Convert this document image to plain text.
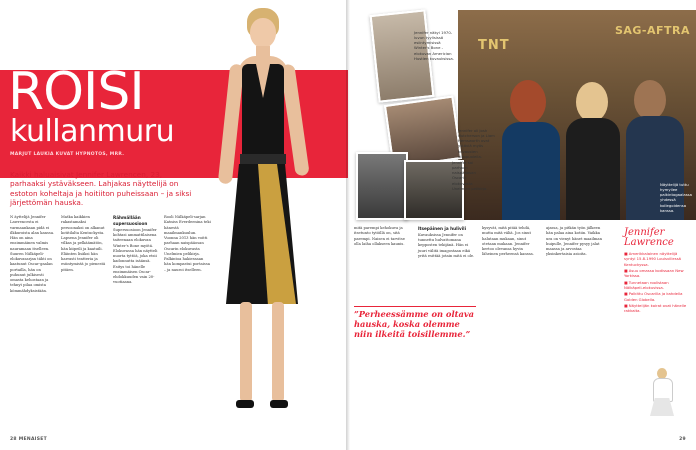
ROISI
kullanmuru
MARJUT LAUKIA KUVAT HYPNOTOS, MRR.
Kaikki haluaisivat Jennifer Lawrencen, 23, parhaaksi ystäväkseen. Lahjakas näyttelijä on estoton koheltaja ja hoitiiton puheissaan – ja siksi järjettömän hauska.
N äyttelijä Jennifer Lawrencesta ei varmaankaan pidä ei ilkkuroista alan kanssa. Hän on aina ensimmäinen valmis nauramaan itselleen. Suuren Nälkäpeli-elokuvasarjan tähti on kaatunut Oscar-gaalan portailla, hän on puhunut julkisesti omasta kehostaan ja tehnyt pilaa omista kömmähdyksistään.
Matka kaikkien rakastamaksi persoonaksi on alkanut kotitilalta Kentuckysta. Lapsena Jennifer oli vilkas ja pelkäämätön, hän kiipeili ja kaatuili. Eläinten lisäksi hän harrasti teatteria ja esiintymistä jo pienestä pitäen.
Rähmällään supersuosioon
Supersuosioon Jennifer kohtasi ammattilaisena taiteenaan elokuvan Winter's Bone myötä. Elokuvassa hän näytteli nuorta tyttöä, joka etsii kadonnutta isäänsä. Esitys toi hänelle ensimmäisen Oscar-ehdokkuuden vain 20-vuotiaana.
Rooli Nälkäpeli-sarjan Katniss Everdeenina teki hänestä maailmankuulun. Vuonna 2013 hän voitti parhaan naispääosan Oscarin elokuvasta Unelmien pelikirja. Palkintoa hakiessaan hän kompastui portaissa – ja nauroi itselleen.
28 MENAISET
TNT
SAG-AFTRA
Jennifer näkyi 1970-luvun tyylisissä esiintymisissä Winter's Bone -elokuvan Americian Hustlen kuvauksissa.
Jennifer oli Josh Hutcherson ja Liam Hemsworth ovat ystäviä myös kuvausten ulkopuolella.
Jennifer sai parhaan naispääosan Oscarin elokuvasta Unelmien pelikirja.
Näyttelijä tuttu hymyilee palkintogaalassa yhdessä kollegoidensa kanssa.
mitä parempi kehokuva ja itsetunto tytöillä on, sitä parempi. Naisen ei tarvitse olla laiha ollakseen kaunis.
”Perheessämme on oltava hauska, koska olemme niin ilkeitä toisillemme.”
Itsepäinen ja hulivili
Kuvauksissa Jennifer on tunnettu hulvattomana kepposten tekijänä. Hän ei juuri välitä imagostaan eikä yritä esittää jotain mitä ei ole.
kysyvät, mitä pitää tehdä, mutta mitä väliä. Jos sinut halutaan mukaan, sinut otetaan mukaan. Jennifer kertoo olevansa hyvin läheinen perheensä kanssa.
ajassa, ja pitkän työn jälkeen hän palaa aina kotiin. Vaikka ura on vienyt hänet maailman huipulle, Jennifer pysyy jalat maassa ja arvostaa yksinkertaisia asioita.
Jennifer Lawrence
■ Amerikkalainen näyttelijä syntyi 15.8.1990 Louisvillessä Kentuckyssa.
■ Asuu omassa kodissaan New Yorkissa.
■ Tunnetaan roolistaan Nälkäpeli-elokuvissa.
■ Palkittu Oscarilla ja kahdella Golden Globella.
■ Näyttelijän koirat ovat hänelle rakkaita.
29
